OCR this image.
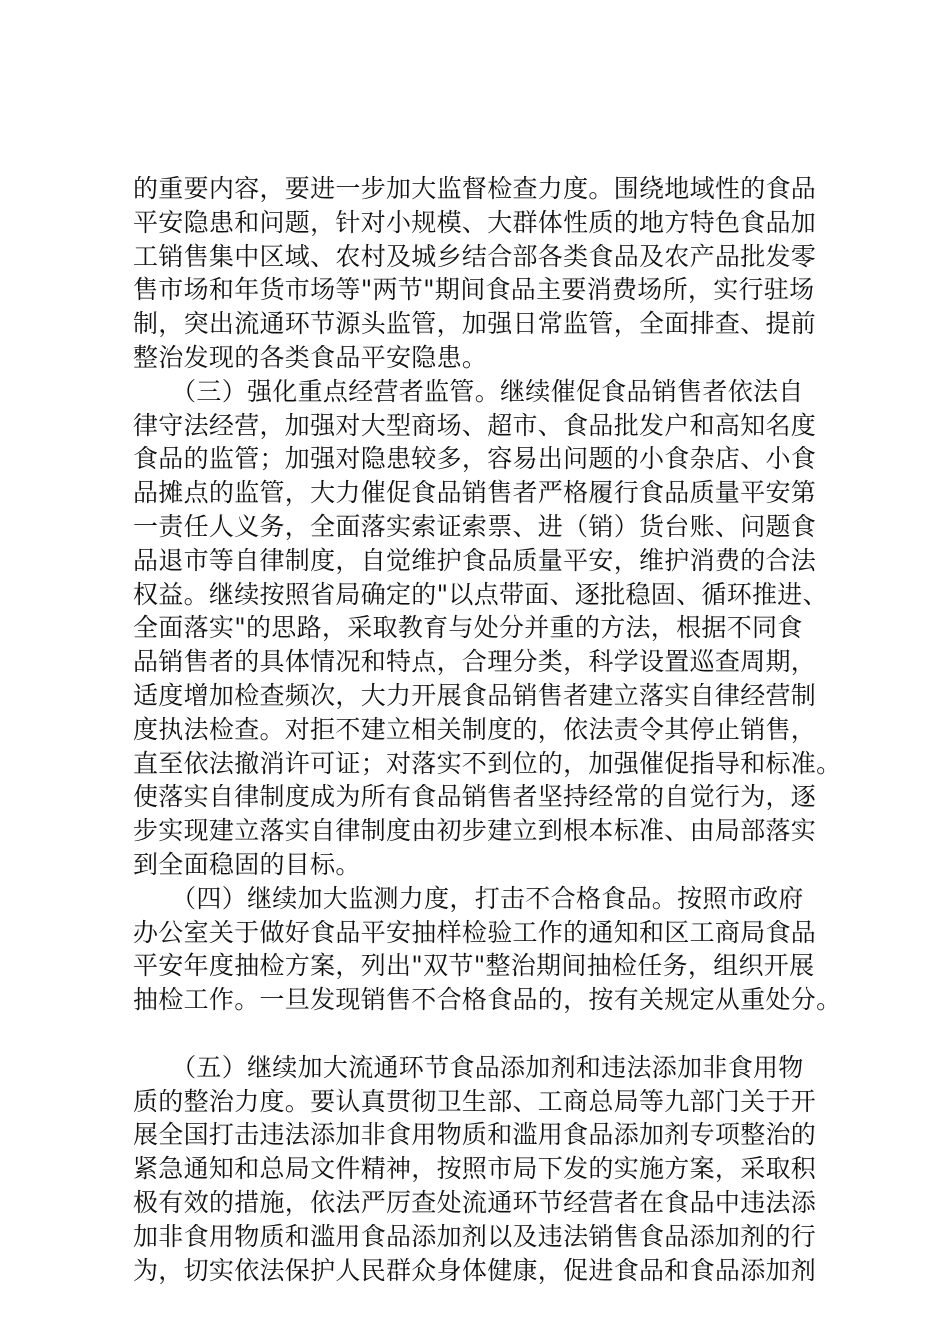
的重要内容，要进一步加大监督检查力度。围绕地域性的食品
平安隐患和问题，针对小规模、大群体性质的地方特色食品加
工销售集中区域、农村及城乡结合部各类食品及农产品批发零
售市场和年货市场等"两节"期间食品主要消费场所，实行驻场
制，突出流通环节源头监管，加强日常监管，全面排查、提前
整治发现的各类食品平安隐患。
　　（三）强化重点经营者监管。继续催促食品销售者依法自
律守法经营，加强对大型商场、超市、食品批发户和高知名度
食品的监管；加强对隐患较多，容易出问题的小食杂店、小食
品摊点的监管，大力催促食品销售者严格履行食品质量平安第
一责任人义务，全面落实索证索票、进（销）货台账、问题食
品退市等自律制度，自觉维护食品质量平安，维护消费的合法
权益。继续按照省局确定的"以点带面、逐批稳固、循环推进、
全面落实"的思路，采取教育与处分并重的方法，根据不同食
品销售者的具体情况和特点，合理分类，科学设置巡查周期，
适度增加检查频次，大力开展食品销售者建立落实自律经营制
度执法检查。对拒不建立相关制度的，依法责令其停止销售，
直至依法撤消许可证；对落实不到位的，加强催促指导和标准。
使落实自律制度成为所有食品销售者坚持经常的自觉行为，逐
步实现建立落实自律制度由初步建立到根本标准、由局部落实
到全面稳固的目标。
　　（四）继续加大监测力度，打击不合格食品。按照市政府
办公室关于做好食品平安抽样检验工作的通知和区工商局食品
平安年度抽检方案，列出"双节"整治期间抽检任务，组织开展
抽检工作。一旦发现销售不合格食品的，按有关规定从重处分。
　　（五）继续加大流通环节食品添加剂和违法添加非食用物
质的整治力度。要认真贯彻卫生部、工商总局等九部门关于开
展全国打击违法添加非食用物质和滥用食品添加剂专项整治的
紧急通知和总局文件精神，按照市局下发的实施方案，采取积
极有效的措施，依法严厉查处流通环节经营者在食品中违法添
加非食用物质和滥用食品添加剂以及违法销售食品添加剂的行
为，切实依法保护人民群众身体健康，促进食品和食品添加剂
